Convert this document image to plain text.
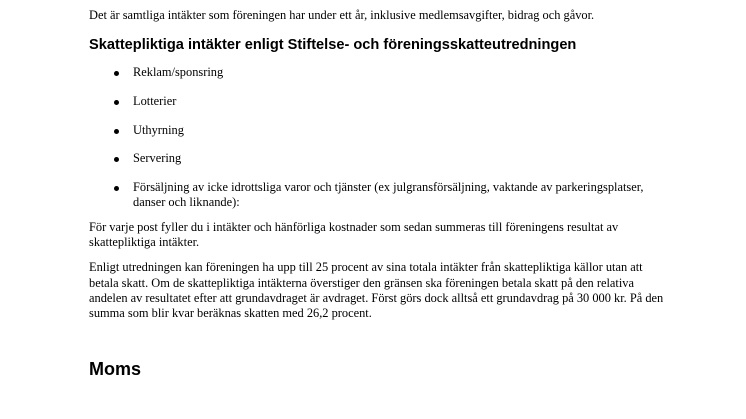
Det är samtliga intäkter som föreningen har under ett år, inklusive medlemsavgifter, bidrag och gåvor.

Skattepliktiga intäkter enligt Stiftelse- och föreningsskatteutredningen
Reklam/sponsring
Lotterier
Uthyrning
Servering
Försäljning av icke idrottsliga varor och tjänster (ex julgransförsäljning, vaktande av parkeringsplatser, danser och liknande):

För varje post fyller du i intäkter och hänförliga kostnader som sedan summeras till föreningens resultat av skattepliktiga intäkter.

Enligt utredningen kan föreningen ha upp till 25 procent av sina totala intäkter från skattepliktiga källor utan att betala skatt. Om de skattepliktiga intäkterna överstiger den gränsen ska föreningen betala skatt på den relativa andelen av resultatet efter att grundavdraget är avdraget. Först görs dock alltså ett grundavdrag på 30 000 kr. På den summa som blir kvar beräknas skatten med 26,2 procent.

Moms
